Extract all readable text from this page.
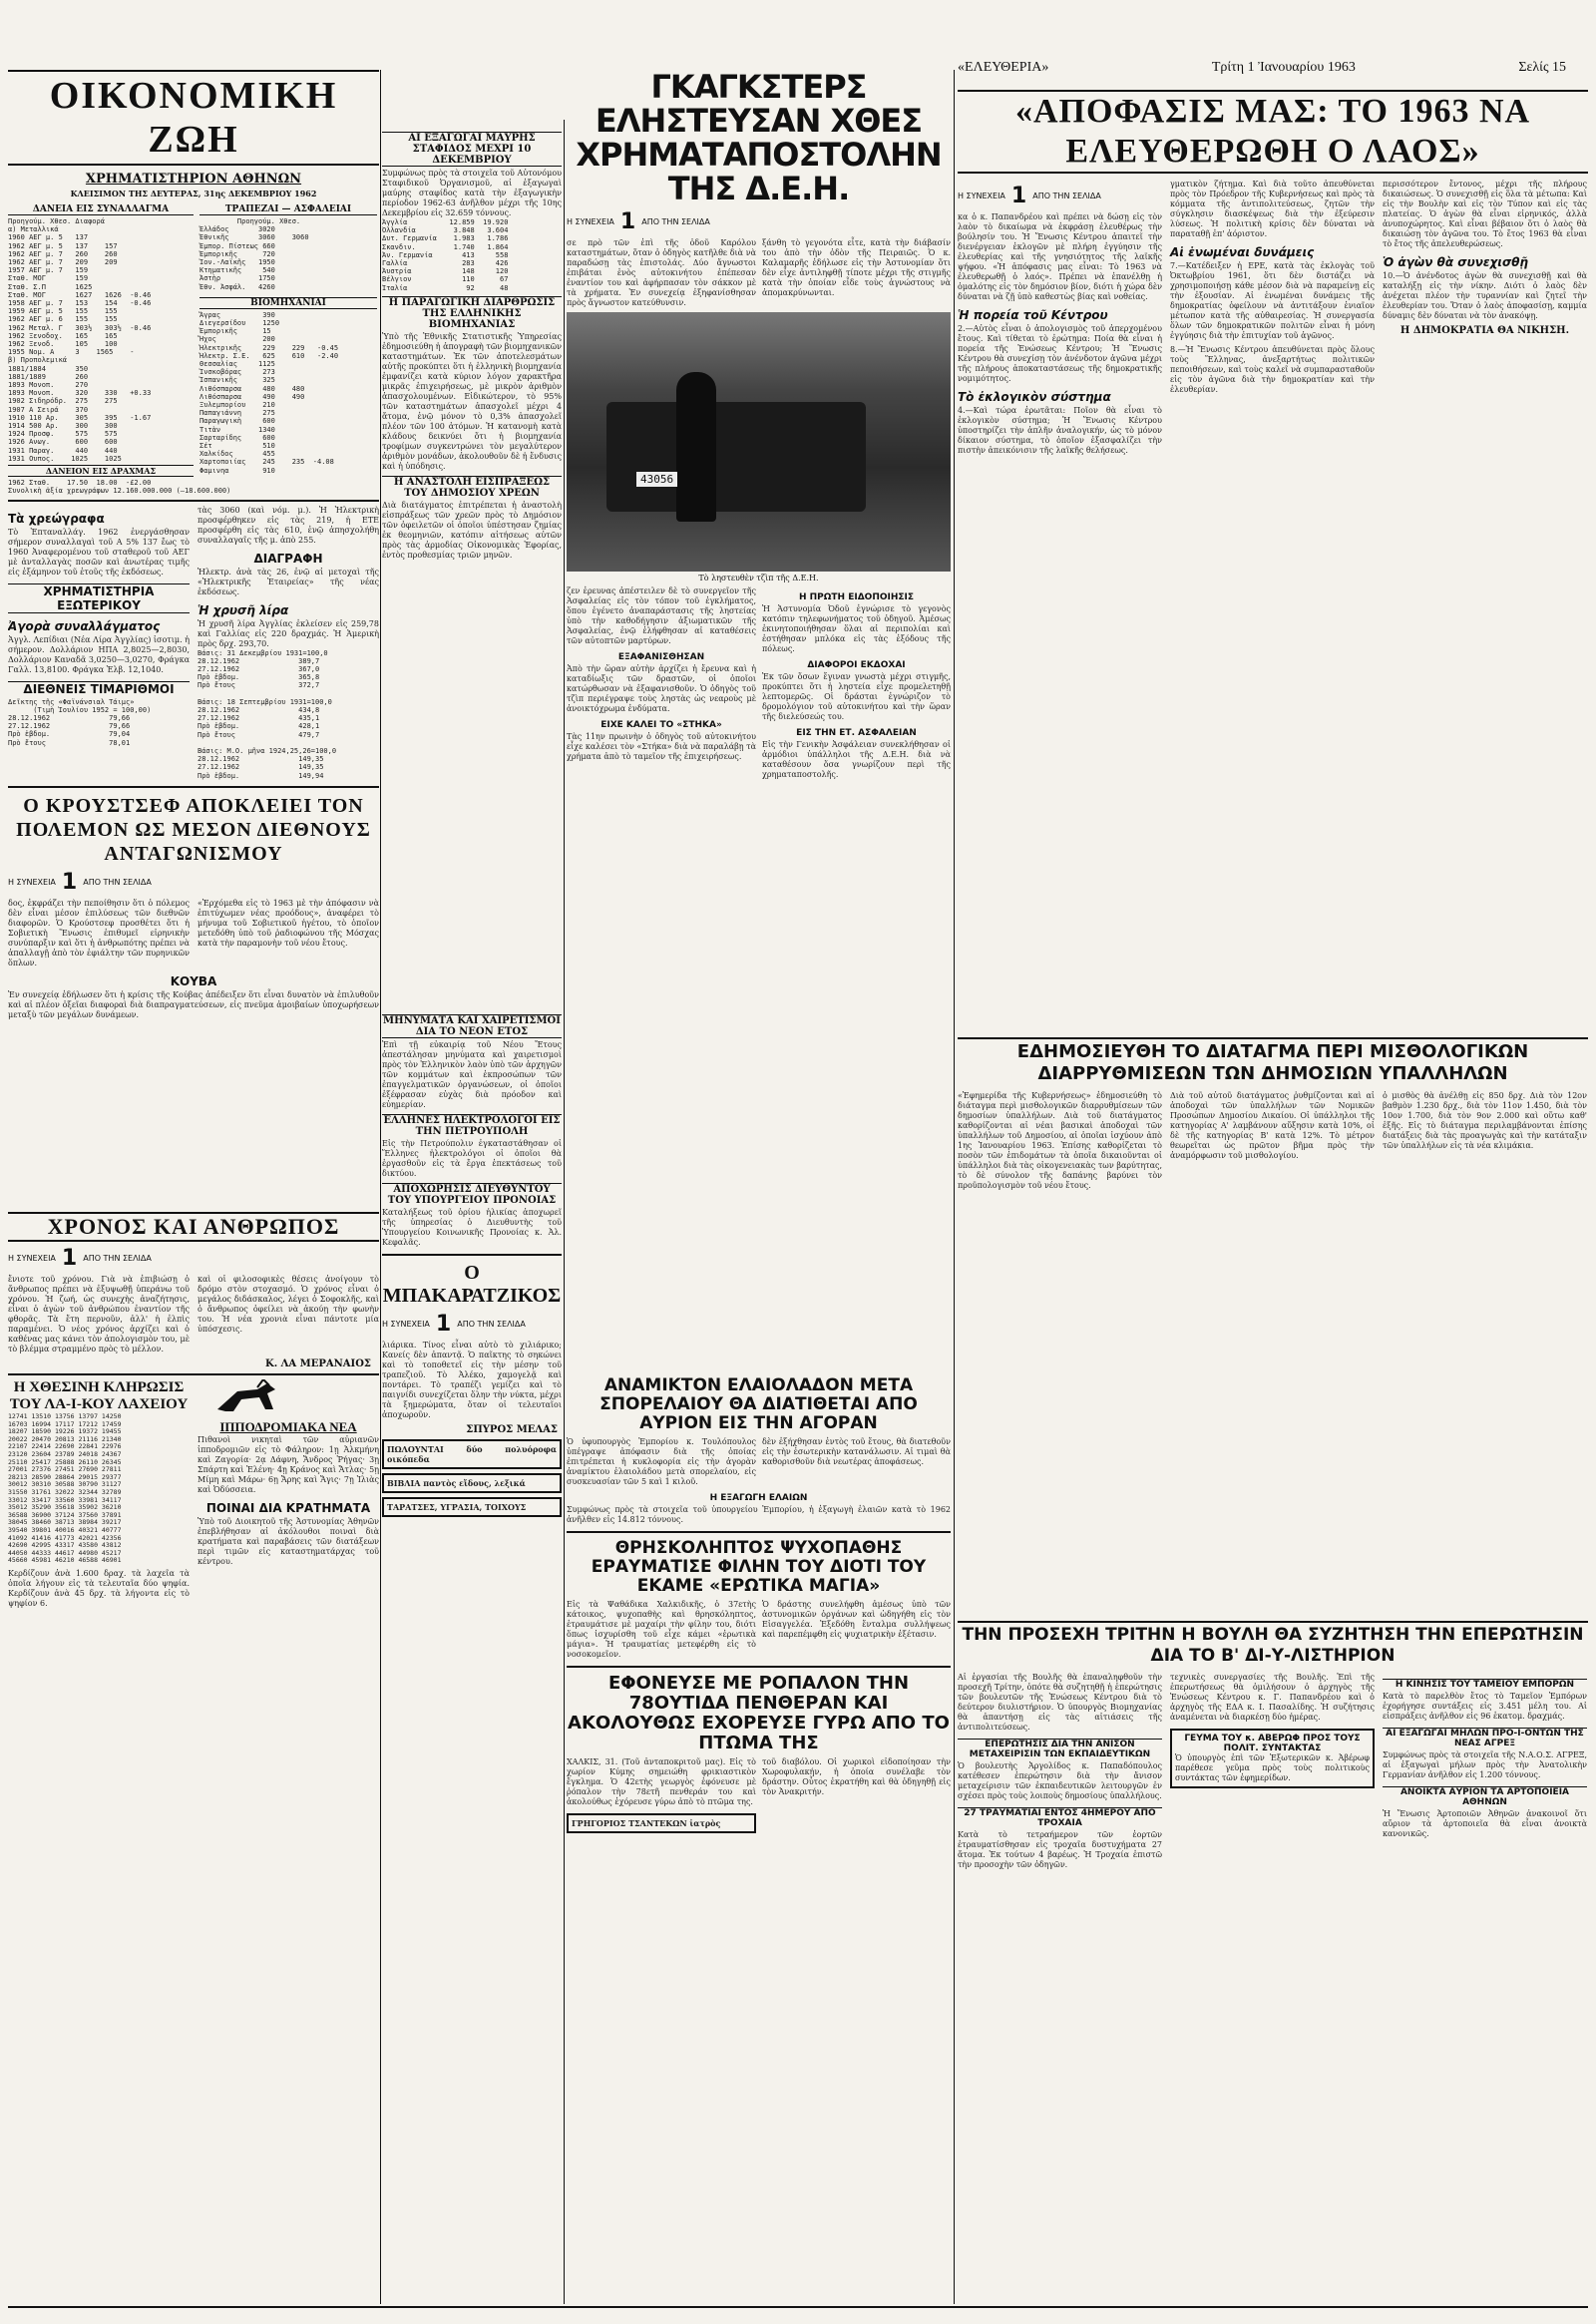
«ΕΛΕΥΘΕΡΙΑ»	Τρίτη 1 Ἰανουαρίου 1963	Σελίς 15
ΟΙΚΟΝΟΜΙΚΗ ΖΩΗ
ΧΡΗΜΑΤΙΣΤΗΡΙΟΝ ΑΘΗΝΩΝ
ΚΛΕΙΣΙΜΟΝ ΤΗΣ ΔΕΥΤΕΡΑΣ, 31ης ΔΕΚΕΜΒΡΙΟΥ 1962
ΔΑΝΕΙΑ ΕΙΣ ΣΥΝΑΛΛΑΓΜΑ
Προηγούμ. Χθεσ. Διαφορά
α) Μεταλλικά
1960 ΑΕΓ μ. 5   137
1962 ΑΕΓ μ. 5   137    157
1962 ΑΕΓ μ. 7   260    260
1962 ΑΕΓ μ. 7   209    209
1957 ΑΕΓ μ. 7   159
Σταθ. ΜΟΓ       159
Σταθ. Σ.Π       1625
Σταθ. ΜΟΓ       1627   1626  -0.46
1958 ΑΕΓ μ. 7   153    154   -0.46
1959 ΑΕΓ μ. 5   155    155
1962 ΑΕΓ μ. 6   155    155
1962 Μεταλ. Γ   303½   303½  -0.46
1962 Ξενοδοχ.   165    165
1962 Ξενοδ.     105    100
1955 Νομ. Α     3    1565    -
β) Προπολεμικά
1881/1884       350
1881/1889       260
1893 Μονοπ.     270
1893 Μονοπ.     320    330   +0.33
1902 Σιδηρόδρ.  275    275
1907 Α Σειρά    370
1910 110 Αρ.    305    395   -1.67
1914 500 Αρ.    300    300
1924 Προσφ.     575    575
1926 Ανωγ.      600    600
1931 Παραγ.     440    440
1931 Ουπος.    1025    1025
ΔΑΝΕΙΟΝ ΕΙΣ ΔΡΑΧΜΑΣ
1962 Σταθ.    17.50  18.00  -£2.00
Συνολικὴ ἀξία χρεωγράφων 12.160.000.000 (—18.600.000)
ΤΡΑΠΕΖΑΙ — ΑΣΦΑΛΕΙΑΙ
Προηγούμ. Χθεσ.
Ἑλλάδος       3020
Ἐθνικῆς       3060    3060
Ἐμπορ. Πίστεως 660
Ἐμπορικῆς      720
Ἰον.-Λαϊκῆς   1950
Κτηματικῆς     540
Ἀστὴρ         1750
Ἐθν. Ἀσφάλ.   4260
ΒΙΟΜΗΧΑΝΙΑΙ
Ἄγρας          390
Διεγερσίδου    1250
Ἐμπορικῆς      15
Ἤχος           200
Ἠλεκτρικῆς     229    229   -0.45
Ἡλεκτρ. Σ.Ε.   625    610   -2.40
Θεσσαλίας     1125
Ἰνσκοβόρας     273
Ἰσπανικῆς      325
Λιθόσπαρσα     480    480
Λιθόσπαρσα     490    490
Ξυλεμπορίου    210
Παπαγιάννη     275
Παραγωγικὴ     600
Τιτὰν         1340
Σαρταρίδης     600
Σέτ            510
Χαλκίδος       455
Χαρτοποιίας    245    235  -4.08
Φαμινηα        910
Τὰ χρεώγραφα
Τὸ Ἐπταναλλάγ. 1962 ἐνεργάσθησαν σήμερον συναλλαγαὶ τοῦ Α 5% 137 ἔως τὸ 1960 Ἀναφερομένου τοῦ σταθεροῦ τοῦ ΑΕΓ μὲ ἀνταλλαγὰς ποσῶν καὶ ἀνωτέρας τιμῆς εἰς ἐξάμηνον τοῦ ἐτοῦς τῆς ἐκδόσεως.
ΧΡΗΜΑΤΙΣΤΗΡΙΑ ΕΞΩΤΕΡΙΚΟΥ
Ἀγορὰ συναλλάγματος
Ἀγγλ. Λεπίδιαι (Νέα Λίρα Ἀγγλίας) ἰσοτιμ. ἡ σήμερον. Δολλάριον ΗΠΑ 2,8025—2,8030, Δολλάριον Καναδᾶ 3,0250—3,0270, Φράγκα Γαλλ. 13,8100. Φράγκα Ἑλβ. 12,1040.
ΔΙΕΘΝΕΙΣ ΤΙΜΑΡΙΘΜΟΙ
Δεῖκτης τῆς «Φαϊνάνσιαλ Τάιμς»
(Τιμὴ Ἰουλίου 1952 = 100,00)
28.12.1962              79,66
27.12.1962              79,66
Πρὸ ἑβδομ.              79,04
Πρὸ ἔτους               78,01
τὰς 3060 (καὶ νόμ. μ.). Ἡ Ἠλεκτρικὴ προσφέρθηκεν εἰς τὰς 219, ἡ ΕΤΕ προσφέρθη εἰς τὰς 610, ἐνῷ ἀπησχολήθη συναλλαγαῖς τῆς μ. ἀπὸ 255.
ΔΙΑΓΡΑΦΗ
Ἠλεκτρ. ἀνὰ τὰς 26, ἐνῷ αἱ μετοχαὶ τῆς «Ἠλεκτρικῆς Ἐταιρείας» τῆς νέας ἐκδόσεως.
Ἡ χρυσῆ λίρα
Ἡ χρυσῆ λίρα Ἀγγλίας ἐκλείσεν εἰς 259,78 καὶ Γαλλίας εἰς 220 δραχμάς. Ἡ Ἀμερικὴ πρὸς δρχ. 293,70.
Βάσις: 31 Δεκεμβρίου 1931=100,0
28.12.1962              389,7
27.12.1962              367,0
Πρὸ ἑβδομ.              365,8
Πρὸ ἔτους               372,7

Βάσις: 18 Σεπτεμβρίου 1931=100,0
28.12.1962              434,8
27.12.1962              435,1
Πρὸ ἑβδομ.              428,1
Πρὸ ἔτους               479,7

Βάσις: Μ.Ο. μῆνα 1924,25,26=100,0
28.12.1962              149,35
27.12.1962              149,35
Πρὸ ἑβδομ.              149,94
Ο ΚΡΟΥΣΤΣΕΦ ΑΠΟΚΛΕΙΕΙ ΤΟΝ ΠΟΛΕΜΟΝ ΩΣ ΜΕΣΟΝ ΔΙΕΘΝΟΥΣ ΑΝΤΑΓΩΝΙΣΜΟΥ
Η ΣΥΝΕΧΕΙΑ 1 ΑΠΟ ΤΗΝ ΣΕΛΙΔΑ
δος, ἐκφράζει τὴν πεποίθησιν ὅτι ὁ πόλεμος δὲν εἶναι μέσον ἐπιλύσεως τῶν διεθνῶν διαφορῶν. Ὁ Κρούστσεφ προσθέτει ὅτι ἡ Σοβιετικὴ Ἕνωσις ἐπιθυμεῖ εἰρηνικὴν συνύπαρξιν καὶ ὅτι ἡ ἀνθρωπότης πρέπει νὰ ἀπαλλαγῇ ἀπὸ τὸν ἐφιάλτην τῶν πυρηνικῶν ὅπλων.
«Ἐρχόμεθα εἰς τὸ 1963 μὲ τὴν ἀπόφασιν νὰ ἐπιτύχωμεν νέας προόδους», ἀναφέρει τὸ μήνυμα τοῦ Σοβιετικοῦ ἡγέτου, τὸ ὁποῖον μετεδόθη ὑπὸ τοῦ ῥαδιοφώνου τῆς Μόσχας κατὰ τὴν παραμονὴν τοῦ νέου ἔτους.
ΚΟΥΒΑ
Ἐν συνεχείᾳ ἐδήλωσεν ὅτι ἡ κρίσις τῆς Κούβας ἀπέδειξεν ὅτι εἶναι δυνατὸν νὰ ἐπιλυθοῦν καὶ αἱ πλέον ὀξεῖαι διαφοραὶ διὰ διαπραγματεύσεων, εἰς πνεῦμα ἀμοιβαίων ὑποχωρήσεων μεταξὺ τῶν μεγάλων δυνάμεων.
ΧΡΟΝΟΣ ΚΑΙ ΑΝΘΡΩΠΟΣ
Η ΣΥΝΕΧΕΙΑ 1 ΑΠΟ ΤΗΝ ΣΕΛΙΔΑ
ἔνιοτε τοῦ χρόνου. Γιὰ νὰ ἐπιβιώσῃ ὁ ἄνθρωπος πρέπει νὰ ἐξυψωθῇ ὑπεράνω τοῦ χρόνου. Ἡ ζωή, ὡς συνεχὴς ἀναζήτησις, εἶναι ὁ ἀγὼν τοῦ ἀνθρώπου ἐναντίον τῆς φθορᾶς. Τὰ ἔτη περνοῦν, ἀλλ' ἡ ἐλπὶς παραμένει. Ὁ νέος χρόνος ἀρχίζει καὶ ὁ καθένας μας κάνει τὸν ἀπολογισμὸν του, μὲ τὸ βλέμμα στραμμένο πρὸς τὸ μέλλον.
καὶ οἱ φιλοσοφικὲς θέσεις ἀνοίγουν τὸ δρόμο στὸν στοχασμό. Ὁ χρόνος εἶναι ὁ μεγάλος διδάσκαλος, λέγει ὁ Σοφοκλῆς, καὶ ὁ ἄνθρωπος ὀφείλει νὰ ἀκούῃ τὴν φωνὴν του. Ἡ νέα χρονιὰ εἶναι πάντοτε μία ὑπόσχεσις.
Κ. ΛΑ ΜΕΡΑΝΑΙΟΣ
Η ΧΘΕΣΙΝΗ ΚΛΗΡΩΣΙΣ ΤΟΥ ΛΑ-Ι-ΚΟΥ ΛΑΧΕΙΟΥ
12741 13510 13756 13797 14250
16703 16994 17117 17212 17459
18207 18590 19226 19372 19455
20022 20470 20813 21116 21340
22107 22414 22690 22841 22976
23120 23604 23789 24018 24367
25110 25417 25888 26110 26345
27001 27376 27451 27690 27811
28213 28590 28864 29015 29377
30012 30310 30588 30790 31127
31550 31761 32022 32344 32789
33012 33417 33560 33981 34117
35012 35290 35618 35902 36210
36588 36900 37124 37560 37891
38045 38460 38713 38984 39217
39540 39801 40016 40321 40777
41092 41416 41773 42021 42356
42690 42995 43317 43580 43812
44050 44333 44617 44980 45217
45660 45981 46210 46588 46901
Κερδίζουν ἀνὰ 1.600 δραχ. τὰ λαχεῖα τὰ ὁποῖα λήγουν εἰς τὰ τελευταῖα δύο ψηφία. Κερδίζουν ἀνὰ 45 δρχ. τὰ λήγοντα εἰς τὸ ψηφίον 6.
ΙΠΠΟΔΡΟΜΙΑΚΑ ΝΕΑ
Πιθανοὶ νικηταὶ τῶν αὐριανῶν ἱπποδρομιῶν εἰς τὸ Φάληρον: 1ῃ Ἀλκμήνη καὶ Ζαγορία· 2ᾳ Δάφνη, Ἄνδρος Ῥήγας· 3ῃ Σπάρτη καὶ Ἑλένη· 4ῃ Κράνος καὶ Ἄτλας· 5ῃ Μίμη καὶ Μάρω· 6ῃ Ἄρης καὶ Ἄγις· 7ῃ Ἰλιὰς καὶ Ὀδύσσεια.
ΠΟΙΝΑΙ ΔΙΑ ΚΡΑΤΗΜΑΤΑ
Ὑπὸ τοῦ Διοικητοῦ τῆς Ἀστυνομίας Ἀθηνῶν ἐπεβλήθησαν αἱ ἀκόλουθοι ποιναὶ διὰ κρατήματα καὶ παραβάσεις τῶν διατάξεων περὶ τιμῶν εἰς καταστηματάρχας τοῦ κέντρου.
ΑΙ ΕΞΑΓΩΓΑΙ ΜΑΥΡΗΣ ΣΤΑΦΙΔΟΣ ΜΕΧΡΙ 10 ΔΕΚΕΜΒΡΙΟΥ
Συμφώνως πρὸς τὰ στοιχεῖα τοῦ Αὐτονόμου Σταφιδικοῦ Ὀργανισμοῦ, αἱ ἐξαγωγαὶ μαύρης σταφίδος κατὰ τὴν ἐξαγωγικὴν περίοδον 1962-63 ἀνῆλθον μέχρι τῆς 10ης Δεκεμβρίου εἰς 32.659 τόννους.
Ἀγγλία          12.859  19.920
Ὁλλανδία         3.848   3.604
Δυτ. Γερμανία    1.983   1.786
Σκανδιν.         1.740   1.864
Ἀν. Γερμανία       413     558
Γαλλία             283     426
Ἀυστρία            148     120
Βέλγιον            110      67
Ἰταλία              92      48
Η ΠΑΡΑΓΩΓΙΚΗ ΔΙΑΡΘΡΩΣΙΣ ΤΗΣ ΕΛΛΗΝΙΚΗΣ ΒΙΟΜΗΧΑΝΙΑΣ
Ὑπὸ τῆς Ἐθνικῆς Στατιστικῆς Ὑπηρεσίας ἐδημοσιεύθη ἡ ἀπογραφὴ τῶν βιομηχανικῶν καταστημάτων. Ἐκ τῶν ἀποτελεσμάτων αὐτῆς προκύπτει ὅτι ἡ ἑλληνικὴ βιομηχανία ἐμφανίζει κατὰ κύριον λόγον χαρακτῆρα μικρᾶς ἐπιχειρήσεως, μὲ μικρὸν ἀριθμὸν ἀπασχολουμένων. Εἰδικώτερον, τὸ 95% τῶν καταστημάτων ἀπασχολεῖ μέχρι 4 ἄτομα, ἐνῷ μόνον τὸ 0,3% ἀπασχολεῖ πλέον τῶν 100 ἀτόμων. Ἡ κατανομὴ κατὰ κλάδους δεικνύει ὅτι ἡ βιομηχανία τροφίμων συγκεντρώνει τὸν μεγαλύτερον ἀριθμὸν μονάδων, ἀκολουθοῦν δὲ ἡ ἔνδυσις καὶ ἡ ὑπόδησις.
Η ΑΝΑΣΤΟΛΗ ΕΙΣΠΡΑΞΕΩΣ ΤΟΥ ΔΗΜΟΣΙΟΥ ΧΡΕΩΝ
Διὰ διατάγματος ἐπιτρέπεται ἡ ἀναστολὴ εἰσπράξεως τῶν χρεῶν πρὸς τὸ Δημόσιον τῶν ὀφειλετῶν οἱ ὁποῖοι ὑπέστησαν ζημίας ἐκ θεομηνιῶν, κατόπιν αἰτήσεως αὐτῶν πρὸς τὰς ἁρμοδίας Οἰκονομικὰς Ἐφορίας, ἐντὸς προθεσμίας τριῶν μηνῶν.
ΜΗΝΥΜΑΤΑ ΚΑΙ ΧΑΙΡΕΤΙΣΜΟΙ ΔΙΑ ΤΟ ΝΕΟΝ ΕΤΟΣ
Ἐπὶ τῇ εὐκαιρίᾳ τοῦ Νέου Ἔτους ἀπεστάλησαν μηνύματα καὶ χαιρετισμοὶ πρὸς τὸν Ἑλληνικὸν λαὸν ὑπὸ τῶν ἀρχηγῶν τῶν κομμάτων καὶ ἐκπροσώπων τῶν ἐπαγγελματικῶν ὀργανώσεων, οἱ ὁποῖοι ἐξέφρασαν εὐχὰς διὰ πρόοδον καὶ εὐημερίαν.
ΕΛΛΗΝΕΣ ΗΛΕΚΤΡΟΛΟΓΟΙ ΕΙΣ ΤΗΝ ΠΕΤΡΟΥΠΟΛΗ
Εἰς τὴν Πετρούπολιν ἐγκαταστάθησαν οἱ Ἕλληνες ἠλεκτρολόγοι οἱ ὁποῖοι θὰ ἐργασθοῦν εἰς τὰ ἔργα ἐπεκτάσεως τοῦ δικτύου.
ΑΠΟΧΩΡΗΣΙΣ ΔΙΕΥΘΥΝΤΟΥ ΤΟΥ ΥΠΟΥΡΓΕΙΟΥ ΠΡΟΝΟΙΑΣ
Καταλήξεως τοῦ ὁρίου ἡλικίας ἀποχωρεῖ τῆς ὑπηρεσίας ὁ Διευθυντὴς τοῦ Ὑπουργείου Κοινωνικῆς Προνοίας κ. Ἀλ. Κεφαλᾶς.
Ο ΜΠΑΚΑΡΑΤΖΙΚΟΣ
Η ΣΥΝΕΧΕΙΑ 1 ΑΠΟ ΤΗΝ ΣΕΛΙΔΑ
λιάρικα. Τίνος εἶναι αὐτὸ τὸ χιλιάρικο; Κανείς δὲν ἀπαντᾷ. Ὁ παῖκτης τὸ σηκώνει καὶ τὸ τοποθετεῖ εἰς τὴν μέσην τοῦ τραπεζιοῦ. Τὸ Ἀλέκο, χαμογελᾷ καὶ ποντάρει. Τὸ τραπέζι γεμίζει καὶ τὸ παιγνίδι συνεχίζεται ὅλην τὴν νύκτα, μέχρι τὰ ξημερώματα, ὅταν οἱ τελευταῖοι ἀποχωροῦν.
ΣΠΥΡΟΣ ΜΕΛΑΣ
ΠΩΛΟΥΝΤΑΙ δύο πολυόροφα οικόπεδα
ΒΙΒΛΙΑ παντὸς εἴδους, λεξικά
ΤΑΡΑΤΣΕΣ, ΥΓΡΑΣΙΑ, ΤΟΙΧΟΥΣ
ΓΚΑΓΚΣΤΕΡΣ ΕΛΗΣΤΕΥΣΑΝ ΧΘΕΣ ΧΡΗΜΑΤΑΠΟΣΤΟΛΗΝ ΤΗΣ Δ.Ε.Η.
Η ΣΥΝΕΧΕΙΑ 1 ΑΠΟ ΤΗΝ ΣΕΛΙΔΑ
σε πρὸ τῶν ἐπὶ τῆς ὁδοῦ Καρόλου καταστημάτων, ὅταν ὁ ὁδηγὸς κατῆλθε διὰ νὰ παραδώσῃ τὰς ἐπιστολάς. Δύο ἄγνωστοι ἐπιβάται ἑνὸς αὐτοκινήτου ἐπέπεσαν ἐναντίον του καὶ ἀφήρπασαν τὸν σάκκον μὲ τὰ χρήματα. Ἐν συνεχείᾳ ἐξηφανίσθησαν πρὸς ἄγνωστον κατεύθυνσιν.
ξάνθη τὸ γεγονότα εἶτε, κατὰ τὴν διάβασίν του ἀπὸ τὴν ὁδὸν τῆς Πειραιῶς. Ὁ κ. Καλαμαρῆς ἐδήλωσε εἰς τὴν Ἀστυνομίαν ὅτι δὲν εἶχε ἀντιληφθῇ τίποτε μέχρι τῆς στιγμῆς κατὰ τὴν ὁποίαν εἶδε τοὺς ἀγνώστους νὰ ἀπομακρύνωνται.
43056
Τὸ ληστευθὲν τζὶπ τῆς Δ.Ε.Η.
ζεν ἐρευνας ἀπέστειλεν δὲ τὸ συνεργεῖον τῆς Ἀσφαλείας εἰς τὸν τόπον τοῦ ἐγκλήματος, ὅπου ἐγένετο ἀναπαράστασις τῆς ληστείας ὑπὸ τὴν καθοδήγησιν ἀξιωματικῶν τῆς Ἀσφαλείας, ἐνῷ ἐλήφθησαν αἱ καταθέσεις τῶν αὐτοπτῶν μαρτύρων.
ΕΞΑΦΑΝΙΣΘΗΣΑΝ
Ἀπὸ τὴν ὥραν αὐτὴν ἀρχίζει ἡ ἔρευνα καὶ ἡ καταδίωξις τῶν δραστῶν, οἱ ὁποῖοι κατώρθωσαν νὰ ἐξαφανισθοῦν. Ὁ ὁδηγὸς τοῦ τζὶπ περιέγραψε τοὺς ληστὰς ὡς νεαροὺς μὲ ἀνοικτόχρωμα ἐνδύματα.
ΕΙΧΕ ΚΑΛΕΙ ΤΟ «ΣΤΗΚΑ»
Τὰς 11ην πρωινὴν ὁ ὁδηγὸς τοῦ αὐτοκινήτου εἶχε καλέσει τὸν «Στήκα» διὰ νὰ παραλάβῃ τὰ χρήματα ἀπὸ τὸ ταμεῖον τῆς ἐπιχειρήσεως.
Η ΠΡΩΤΗ ΕΙΔΟΠΟΙΗΣΙΣ
Ἡ Ἀστυνομία Ὀδοῦ ἐγνώρισε τὸ γεγονὸς κατόπιν τηλεφωνήματος τοῦ ὁδηγοῦ. Ἀμέσως ἐκινητοποιήθησαν ὅλαι αἱ περιπολίαι καὶ ἐστήθησαν μπλόκα εἰς τὰς ἐξόδους τῆς πόλεως.
ΔΙΑΦΟΡΟΙ ΕΚΔΟΧΑΙ
Ἐκ τῶν ὅσων ἔγιναν γνωστὰ μέχρι στιγμῆς, προκύπτει ὅτι ἡ ληστεία εἶχε προμελετηθῇ λεπτομερῶς. Οἱ δράσται ἐγνώριζον τὸ δρομολόγιον τοῦ αὐτοκινήτου καὶ τὴν ὥραν τῆς διελεύσεώς του.
ΕΙΣ ΤΗΝ ΕΤ. ΑΣΦΑΛΕΙΑΝ
Εἰς τὴν Γενικὴν Ἀσφάλειαν συνεκλήθησαν οἱ ἁρμόδιοι ὑπάλληλοι τῆς Δ.Ε.Η. διὰ νὰ καταθέσουν ὅσα γνωρίζουν περὶ τῆς χρηματαποστολῆς.
ΑΝΑΜΙΚΤΟΝ ΕΛΑΙΟΛΑΔΟΝ ΜΕΤΑ ΣΠΟΡΕΛΑΙΟΥ ΘΑ ΔΙΑΤΙΘΕΤΑΙ ΑΠΟ ΑΥΡΙΟΝ ΕΙΣ ΤΗΝ ΑΓΟΡΑΝ
Ὁ ὑφυπουργὸς Ἐμπορίου κ. Τουλόπουλος ὑπέγραψε ἀπόφασιν διὰ τῆς ὁποίας ἐπιτρέπεται ἡ κυκλοφορία εἰς τὴν ἀγορὰν ἀναμίκτου ἐλαιολάδου μετὰ σπορελαίου, εἰς συσκευασίαν τῶν 5 καὶ 1 κιλοῦ.
δὲν ἐξήχθησαν ἐντὸς τοῦ ἔτους, θὰ διατεθοῦν εἰς τὴν ἐσωτερικὴν κατανάλωσιν. Αἱ τιμαὶ θὰ καθορισθοῦν διὰ νεωτέρας ἀποφάσεως.
Η ΕΞΑΓΩΓΗ ΕΛΑΙΩΝ
Συμφώνως πρὸς τὰ στοιχεῖα τοῦ ὑπουργείου Ἐμπορίου, ἡ ἐξαγωγὴ ἐλαιῶν κατὰ τὸ 1962 ἀνῆλθεν εἰς 14.812 τόννους.
ΘΡΗΣΚΟΛΗΠΤΟΣ ΨΥΧΟΠΑΘΗΣ ΕΡΑΥΜΑΤΙΣΕ ΦΙΛΗΝ ΤΟΥ ΔΙΟΤΙ ΤΟΥ ΕΚΑΜΕ «ΕΡΩΤΙΚΑ ΜΑΓΙΑ»
Εἰς τὰ Ψαθάδικα Χαλκιδικῆς, ὁ 37ετὴς κάτοικος, ψυχοπαθὴς καὶ θρησκόληπτος, ἐτραυμάτισε μὲ μαχαίρι τὴν φίλην του, διότι ὅπως ἰσχυρίσθη τοῦ εἶχε κάμει «ἐρωτικὰ μάγια». Ἡ τραυματίας μετεφέρθη εἰς τὸ νοσοκομεῖον.
Ὁ δράστης συνελήφθη ἀμέσως ὑπὸ τῶν ἀστυνομικῶν ὀργάνων καὶ ὡδηγήθη εἰς τὸν Εἰσαγγελέα. Ἐξεδόθη ἔνταλμα συλλήψεως καὶ παρεπέμφθη εἰς ψυχιατρικὴν ἐξέτασιν.
ΕΦΟΝΕΥΣΕ ΜΕ ΡΟΠΑΛΟΝ ΤΗΝ 78ΟΥΤΙΔΑ ΠΕΝΘΕΡΑΝ ΚΑΙ ΑΚΟΛΟΥΘΩΣ ΕΧΟΡΕΥΣΕ ΓΥΡΩ ΑΠΟ ΤΟ ΠΤΩΜΑ ΤΗΣ
ΧΑΛΚΙΣ, 31. (Τοῦ ἀνταποκριτοῦ μας). Εἰς τὸ χωρίον Κύμης σημειώθη φρικιαστικὸν ἔγκλημα. Ὁ 42ετὴς γεωργὸς ἐφόνευσε μὲ ῥόπαλον τὴν 78ετῆ πενθεράν του καὶ ἀκολούθως ἐχόρευσε γύρω ἀπὸ τὸ πτῶμα της.
τοῦ διαβόλου. Οἱ χωρικοὶ εἰδοποίησαν τὴν Χωροφυλακήν, ἡ ὁποία συνέλαβε τὸν δράστην. Οὗτος ἐκρατήθη καὶ θὰ ὁδηγηθῇ εἰς τὸν Ἀνακριτήν.
ΓΡΗΓΟΡΙΟΣ ΤΣΑΝΤΕΚΩΝ ἰατρὸς
«ΑΠΟΦΑΣΙΣ ΜΑΣ: ΤΟ 1963 ΝΑ ΕΛΕΥΘΕΡΩΘΗ Ο ΛΑΟΣ»
Η ΣΥΝΕΧΕΙΑ 1 ΑΠΟ ΤΗΝ ΣΕΛΙΔΑ
κα ὁ κ. Παπανδρέου καὶ πρέπει νὰ δώσῃ εἰς τὸν λαὸν τὸ δικαίωμα νὰ ἐκφράσῃ ἐλευθέρως τὴν βούλησίν του. Ἡ Ἕνωσις Κέντρου ἀπαιτεῖ τὴν διενέργειαν ἐκλογῶν μὲ πλήρη ἐγγύησιν τῆς ἐλευθερίας καὶ τῆς γνησιότητος τῆς λαϊκῆς ψήφου. «Ἡ ἀπόφασις μας εἶναι: Τὸ 1963 νὰ ἐλευθερωθῇ ὁ λαός». Πρέπει νὰ ἐπανέλθῃ ἡ ὁμαλότης εἰς τὸν δημόσιον βίον, διότι ἡ χώρα δὲν δύναται νὰ ζῇ ὑπὸ καθεστὼς βίας καὶ νοθείας.
Ἡ πορεία τοῦ Κέντρου
2.—Αὐτὸς εἶναι ὁ ἀπολογισμὸς τοῦ ἀπερχομένου ἔτους. Καὶ τίθεται τὸ ἐρώτημα: Ποία θὰ εἶναι ἡ πορεία τῆς Ἑνώσεως Κέντρου; Ἡ Ἕνωσις Κέντρου θὰ συνεχίσῃ τὸν ἀνένδοτον ἀγῶνα μέχρι τῆς πλήρους ἀποκαταστάσεως τῆς δημοκρατικῆς νομιμότητος.
Τὸ ἐκλογικὸν σύστημα
4.—Καὶ τώρα ἐρωτᾶται: Ποῖον θὰ εἶναι τὸ ἐκλογικὸν σύστημα; Ἡ Ἕνωσις Κέντρου ὑποστηρίζει τὴν ἁπλῆν ἀναλογικήν, ὡς τὸ μόνον δίκαιον σύστημα, τὸ ὁποῖον ἐξασφαλίζει τὴν πιστὴν ἀπεικόνισιν τῆς λαϊκῆς θελήσεως.
γματικὸν ζήτημα. Καὶ διὰ τοῦτο ἀπευθύνεται πρὸς τὸν Πρόεδρον τῆς Κυβερνήσεως καὶ πρὸς τὰ κόμματα τῆς ἀντιπολιτεύσεως, ζητῶν τὴν σύγκλησιν διασκέψεως διὰ τὴν ἐξεύρεσιν λύσεως. Ἡ πολιτικὴ κρίσις δὲν δύναται νὰ παραταθῇ ἐπ' ἀόριστον.
Αἱ ἑνωμέναι δυνάμεις
7.—Κατέδειξεν ἡ ΕΡΕ, κατὰ τὰς ἐκλογὰς τοῦ Ὀκτωβρίου 1961, ὅτι δὲν διστάζει νὰ χρησιμοποιήσῃ κάθε μέσον διὰ νὰ παραμείνῃ εἰς τὴν ἐξουσίαν. Αἱ ἑνωμέναι δυνάμεις τῆς δημοκρατίας ὀφείλουν νὰ ἀντιτάξουν ἑνιαῖον μέτωπον κατὰ τῆς αὐθαιρεσίας. Ἡ συνεργασία ὅλων τῶν δημοκρατικῶν πολιτῶν εἶναι ἡ μόνη ἐγγύησις διὰ τὴν ἐπιτυχίαν τοῦ ἀγῶνος.
8.—Ἡ Ἕνωσις Κέντρου ἀπευθύνεται πρὸς ὅλους τοὺς Ἕλληνας, ἀνεξαρτήτως πολιτικῶν πεποιθήσεων, καὶ τοὺς καλεῖ νὰ συμπαρασταθοῦν εἰς τὸν ἀγῶνα διὰ τὴν δημοκρατίαν καὶ τὴν ἐλευθερίαν.
περισσότερον ἔντονος, μέχρι τῆς πλήρους δικαιώσεως. Ὁ συνεχισθῇ εἰς ὅλα τὰ μέτωπα: Καὶ εἰς τὴν Βουλὴν καὶ εἰς τὸν Τύπον καὶ εἰς τὰς πλατείας. Ὁ ἀγὼν θὰ εἶναι εἰρηνικός, ἀλλὰ ἀνυποχώρητος. Καὶ εἶναι βέβαιον ὅτι ὁ λαὸς θὰ δικαιώσῃ τὸν ἀγῶνα του. Τὸ ἔτος 1963 θὰ εἶναι τὸ ἔτος τῆς ἀπελευθερώσεως.
Ὁ ἀγὼν θὰ συνεχισθῇ
10.—Ὁ ἀνένδοτος ἀγὼν θὰ συνεχισθῇ καὶ θὰ καταλήξῃ εἰς τὴν νίκην. Διότι ὁ λαὸς δὲν ἀνέχεται πλέον τὴν τυραννίαν καὶ ζητεῖ τὴν ἐλευθερίαν του. Ὅταν ὁ λαὸς ἀποφασίσῃ, καμμία δύναμις δὲν δύναται νὰ τὸν ἀνακόψῃ.
Η ΔΗΜΟΚΡΑΤΙΑ ΘΑ ΝΙΚΗΣΗ.
ΕΔΗΜΟΣΙΕΥΘΗ ΤΟ ΔΙΑΤΑΓΜΑ ΠΕΡΙ ΜΙΣΘΟΛΟΓΙΚΩΝ ΔΙΑΡΡΥΘΜΙΣΕΩΝ ΤΩΝ ΔΗΜΟΣΙΩΝ ΥΠΑΛΛΗΛΩΝ
«Ἐφημερίδα τῆς Κυβερνήσεως» ἐδημοσιεύθη τὸ διάταγμα περὶ μισθολογικῶν διαρρυθμίσεων τῶν δημοσίων ὑπαλλήλων. Διὰ τοῦ διατάγματος καθορίζονται αἱ νέαι βασικαὶ ἀποδοχαὶ τῶν ὑπαλλήλων τοῦ Δημοσίου, αἱ ὁποῖαι ἰσχύουν ἀπὸ 1ης Ἰανουαρίου 1963. Ἐπίσης καθορίζεται τὸ ποσὸν τῶν ἐπιδομάτων τὰ ὁποῖα δικαιοῦνται οἱ ὑπάλληλοι διὰ τὰς οἰκογενειακὰς των βαρύτητας, τὸ δὲ σύνολον τῆς δαπάνης βαρύνει τὸν προϋπολογισμὸν τοῦ νέου ἔτους.
Διὰ τοῦ αὐτοῦ διατάγματος ῥυθμίζονται καὶ αἱ ἀποδοχαὶ τῶν ὑπαλλήλων τῶν Νομικῶν Προσώπων Δημοσίου Δικαίου. Οἱ ὑπάλληλοι τῆς κατηγορίας Α' λαμβάνουν αὔξησιν κατὰ 10%, οἱ δὲ τῆς κατηγορίας Β' κατὰ 12%. Τὸ μέτρον θεωρεῖται ὡς πρῶτον βῆμα πρὸς τὴν ἀναμόρφωσιν τοῦ μισθολογίου.
ὁ μισθὸς θὰ ἀνέλθῃ εἰς 850 δρχ. Διὰ τὸν 12ον βαθμὸν 1.230 δρχ., διὰ τὸν 11ον 1.450, διὰ τὸν 10ον 1.700, διὰ τὸν 9ον 2.000 καὶ οὕτω καθ' ἑξῆς. Εἰς τὸ διάταγμα περιλαμβάνονται ἐπίσης διατάξεις διὰ τὰς προαγωγὰς καὶ τὴν κατάταξιν τῶν ὑπαλλήλων εἰς τὰ νέα κλιμάκια.
ΤΗΝ ΠΡΟΣΕΧΗ ΤΡΙΤΗΝ Η ΒΟΥΛΗ ΘΑ ΣΥΖΗΤΗΣΗ ΤΗΝ ΕΠΕΡΩΤΗΣΙΝ ΔΙΑ ΤΟ Β' ΔΙ-Υ-ΛΙΣΤΗΡΙΟΝ
Αἱ ἐργασίαι τῆς Βουλῆς θὰ ἐπαναληφθοῦν τὴν προσεχῆ Τρίτην, ὁπότε θὰ συζητηθῇ ἡ ἐπερώτησις τῶν βουλευτῶν τῆς Ἑνώσεως Κέντρου διὰ τὸ δεύτερον διυλιστήριον. Ὁ ὑπουργὸς Βιομηχανίας θὰ ἀπαντήσῃ εἰς τὰς αἰτιάσεις τῆς ἀντιπολιτεύσεως.
ΕΠΕΡΩΤΗΣΙΣ ΔΙΑ ΤΗΝ ΑΝΙΣΟΝ ΜΕΤΑΧΕΙΡΙΣΙΝ ΤΩΝ ΕΚΠΑΙΔΕΥΤΙΚΩΝ
Ὁ βουλευτὴς Ἀργολίδος κ. Παπαδόπουλος κατέθεσεν ἐπερώτησιν διὰ τὴν ἄνισον μεταχείρισιν τῶν ἐκπαιδευτικῶν λειτουργῶν ἐν σχέσει πρὸς τοὺς λοιποὺς δημοσίους ὑπαλλήλους.
27 ΤΡΑΥΜΑΤΙΑΙ ΕΝΤΟΣ 4ΗΜΕΡΟΥ ΑΠΟ ΤΡΟΧΑΙΑ
Κατὰ τὸ τετραήμερον τῶν ἑορτῶν ἐτραυματίσθησαν εἰς τροχαῖα δυστυχήματα 27 ἄτομα. Ἐκ τούτων 4 βαρέως. Ἡ Τροχαία ἐπιστῶ τὴν προσοχὴν τῶν ὁδηγῶν.
τεχνικὲς συνεργασίες τῆς Βουλῆς. Ἐπὶ τῆς ἐπερωτήσεως θὰ ὁμιλήσουν ὁ ἀρχηγὸς τῆς Ἑνώσεως Κέντρου κ. Γ. Παπανδρέου καὶ ὁ ἀρχηγὸς τῆς ΕΔΑ κ. Ι. Πασαλίδης. Ἡ συζήτησις ἀναμένεται νὰ διαρκέσῃ δύο ἡμέρας.
ΓΕΥΜΑ ΤΟΥ κ. ΑΒΕΡΩΦ ΠΡΟΣ ΤΟΥΣ ΠΟΛΙΤ. ΣΥΝΤΑΚΤΑΣ
Ὁ ὑπουργὸς ἐπὶ τῶν Ἐξωτερικῶν κ. Ἀβέρωφ παρέθεσε γεῦμα πρὸς τοὺς πολιτικοὺς συντάκτας τῶν ἐφημερίδων.
Η ΚΙΝΗΣΙΣ ΤΟΥ ΤΑΜΕΙΟΥ ΕΜΠΟΡΩΝ
Κατὰ τὸ παρελθὸν ἔτος τὸ Ταμεῖον Ἐμπόρων ἐχορήγησε συντάξεις εἰς 3.451 μέλη του. Αἱ εἰσπράξεις ἀνῆλθον εἰς 96 ἑκατομ. δραχμάς.
ΑΙ ΕΞΑΓΩΓΑΙ ΜΗΛΩΝ ΠΡΟ-Ι-ΟΝΤΩΝ ΤΗΣ ΝΕΑΣ ΑΓΡΕΞ
Συμφώνως πρὸς τὰ στοιχεῖα τῆς Ν.Α.Ο.Σ. ΑΓΡΕΞ, αἱ ἐξαγωγαὶ μήλων πρὸς τὴν Ἀνατολικὴν Γερμανίαν ἀνῆλθον εἰς 1.200 τόννους.
ΑΝΟΙΚΤΑ ΑΥΡΙΟΝ ΤΑ ΑΡΤΟΠΟΙΕΙΑ ΑΘΗΝΩΝ
Ἡ Ἕνωσις Ἀρτοποιῶν Ἀθηνῶν ἀνακοινοῖ ὅτι αὔριον τὰ ἀρτοποιεῖα θὰ εἶναι ἀνοικτὰ κανονικῶς.
